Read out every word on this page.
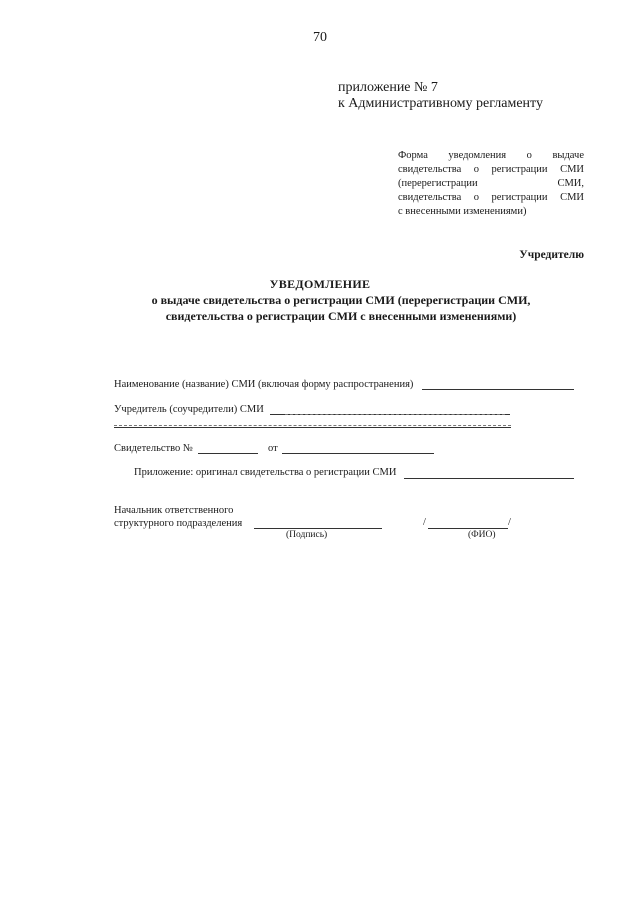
70
приложение № 7
к Административному регламенту
Форма уведомления о выдаче
свидетельства о регистрации СМИ
(перерегистрации СМИ,
свидетельства о регистрации СМИ
с внесенными изменениями)
Учредителю
УВЕДОМЛЕНИЕ
о выдаче свидетельства о регистрации СМИ (перерегистрации СМИ,
свидетельства о регистрации СМИ с внесенными изменениями)
Наименование (название) СМИ (включая форму распространения)
Учредитель (соучредители) СМИ
Свидетельство №	от
Приложение: оригинал свидетельства о регистрации СМИ
Начальник ответственного
структурного подразделения
(Подпись)
/	/
(ФИО)
